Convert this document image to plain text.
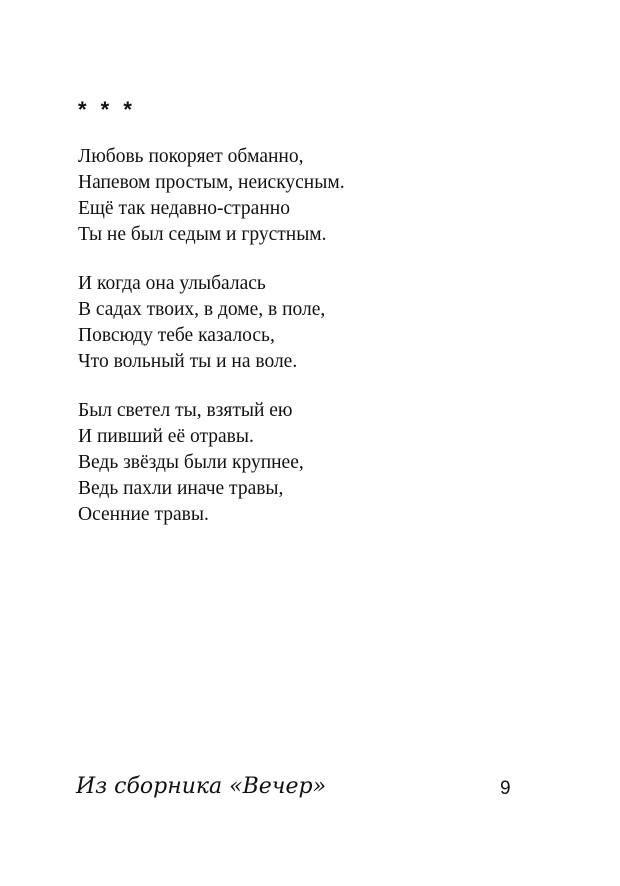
* * *

Любовь покоряет обманно,
Напевом простым, неискусным.
Ещё так недавно-странно
Ты не был седым и грустным.
И когда она улыбалась
В садах твоих, в доме, в поле,
Повсюду тебе казалось,
Что вольный ты и на воле.
Был светел ты, взятый ею
И пивший её отравы.
Ведь звёзды были крупнее,
Ведь пахли иначе травы,
Осенние травы.
Из сборника «Вечер»	9
